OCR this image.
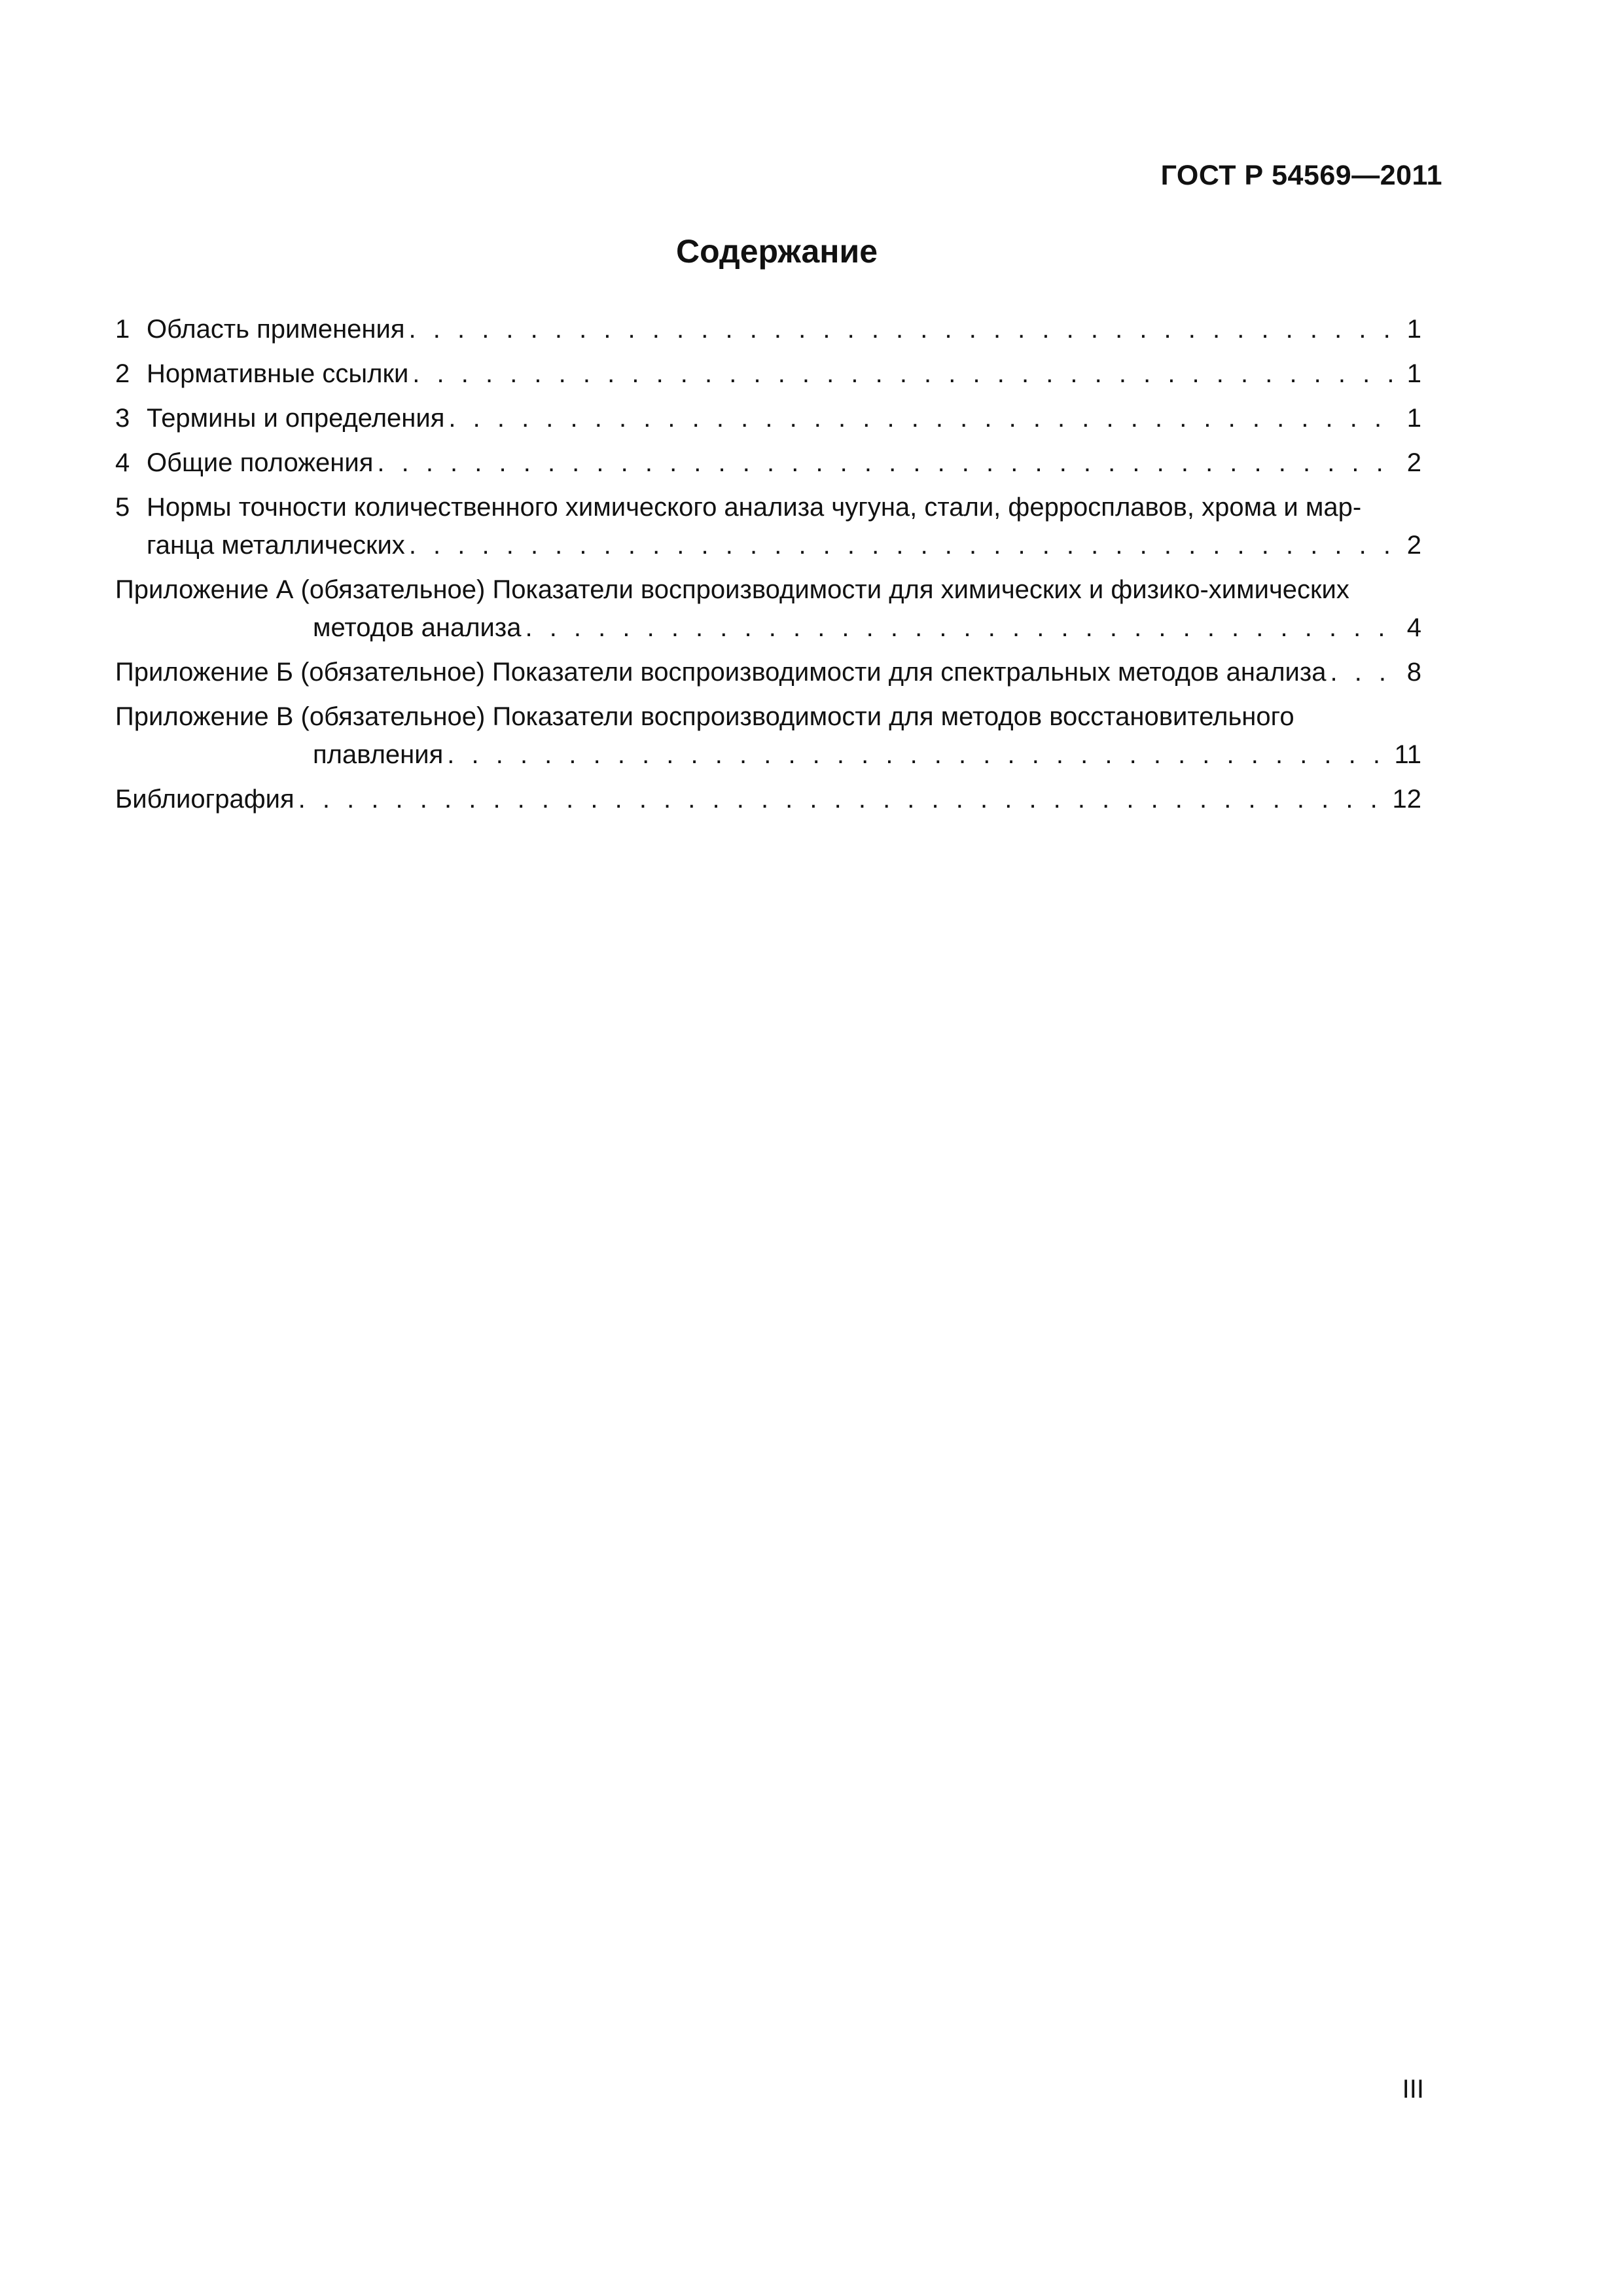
ГОСТ Р 54569—2011
Содержание
1 Область применения . . .	1
2 Нормативные ссылки . . .	1
3 Термины и определения . . .	1
4 Общие положения . . .	2
5 Нормы точности количественного химического анализа чугуна, стали, ферросплавов, хрома и мар-
ганца металлических . . .	2
Приложение А (обязательное) Показатели воспроизводимости для химических и физико-химических
методов анализа . . .	4
Приложение Б (обязательное) Показатели воспроизводимости для спектральных методов анализа . . .	8
Приложение В (обязательное) Показатели воспроизводимости для методов восстановительного
плавления . . .	11
Библиография . . .	12
III
